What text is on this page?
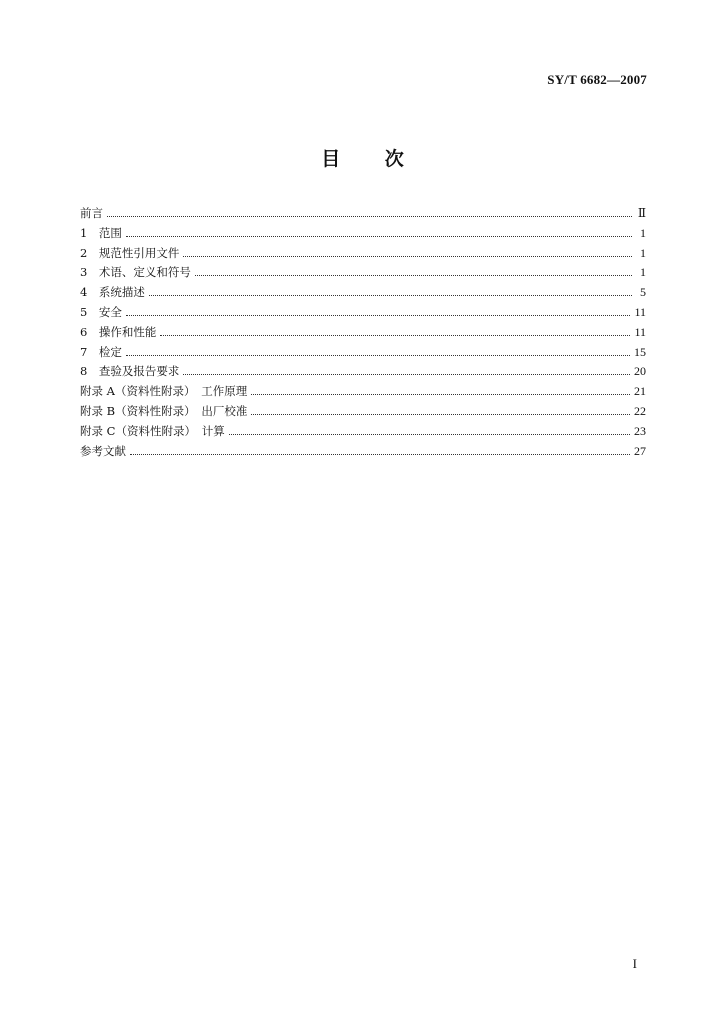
SY/T 6682—2007
目 次
前言	Ⅱ
1　范围	1
2　规范性引用文件	1
3　术语、定义和符号	1
4　系统描述	5
5　安全	11
6　操作和性能	11
7　检定	15
8　查验及报告要求	20
附录 A（资料性附录）　工作原理	21
附录 B（资料性附录）　出厂校准	22
附录 C（资料性附录）　计算	23
参考文献	27
I
